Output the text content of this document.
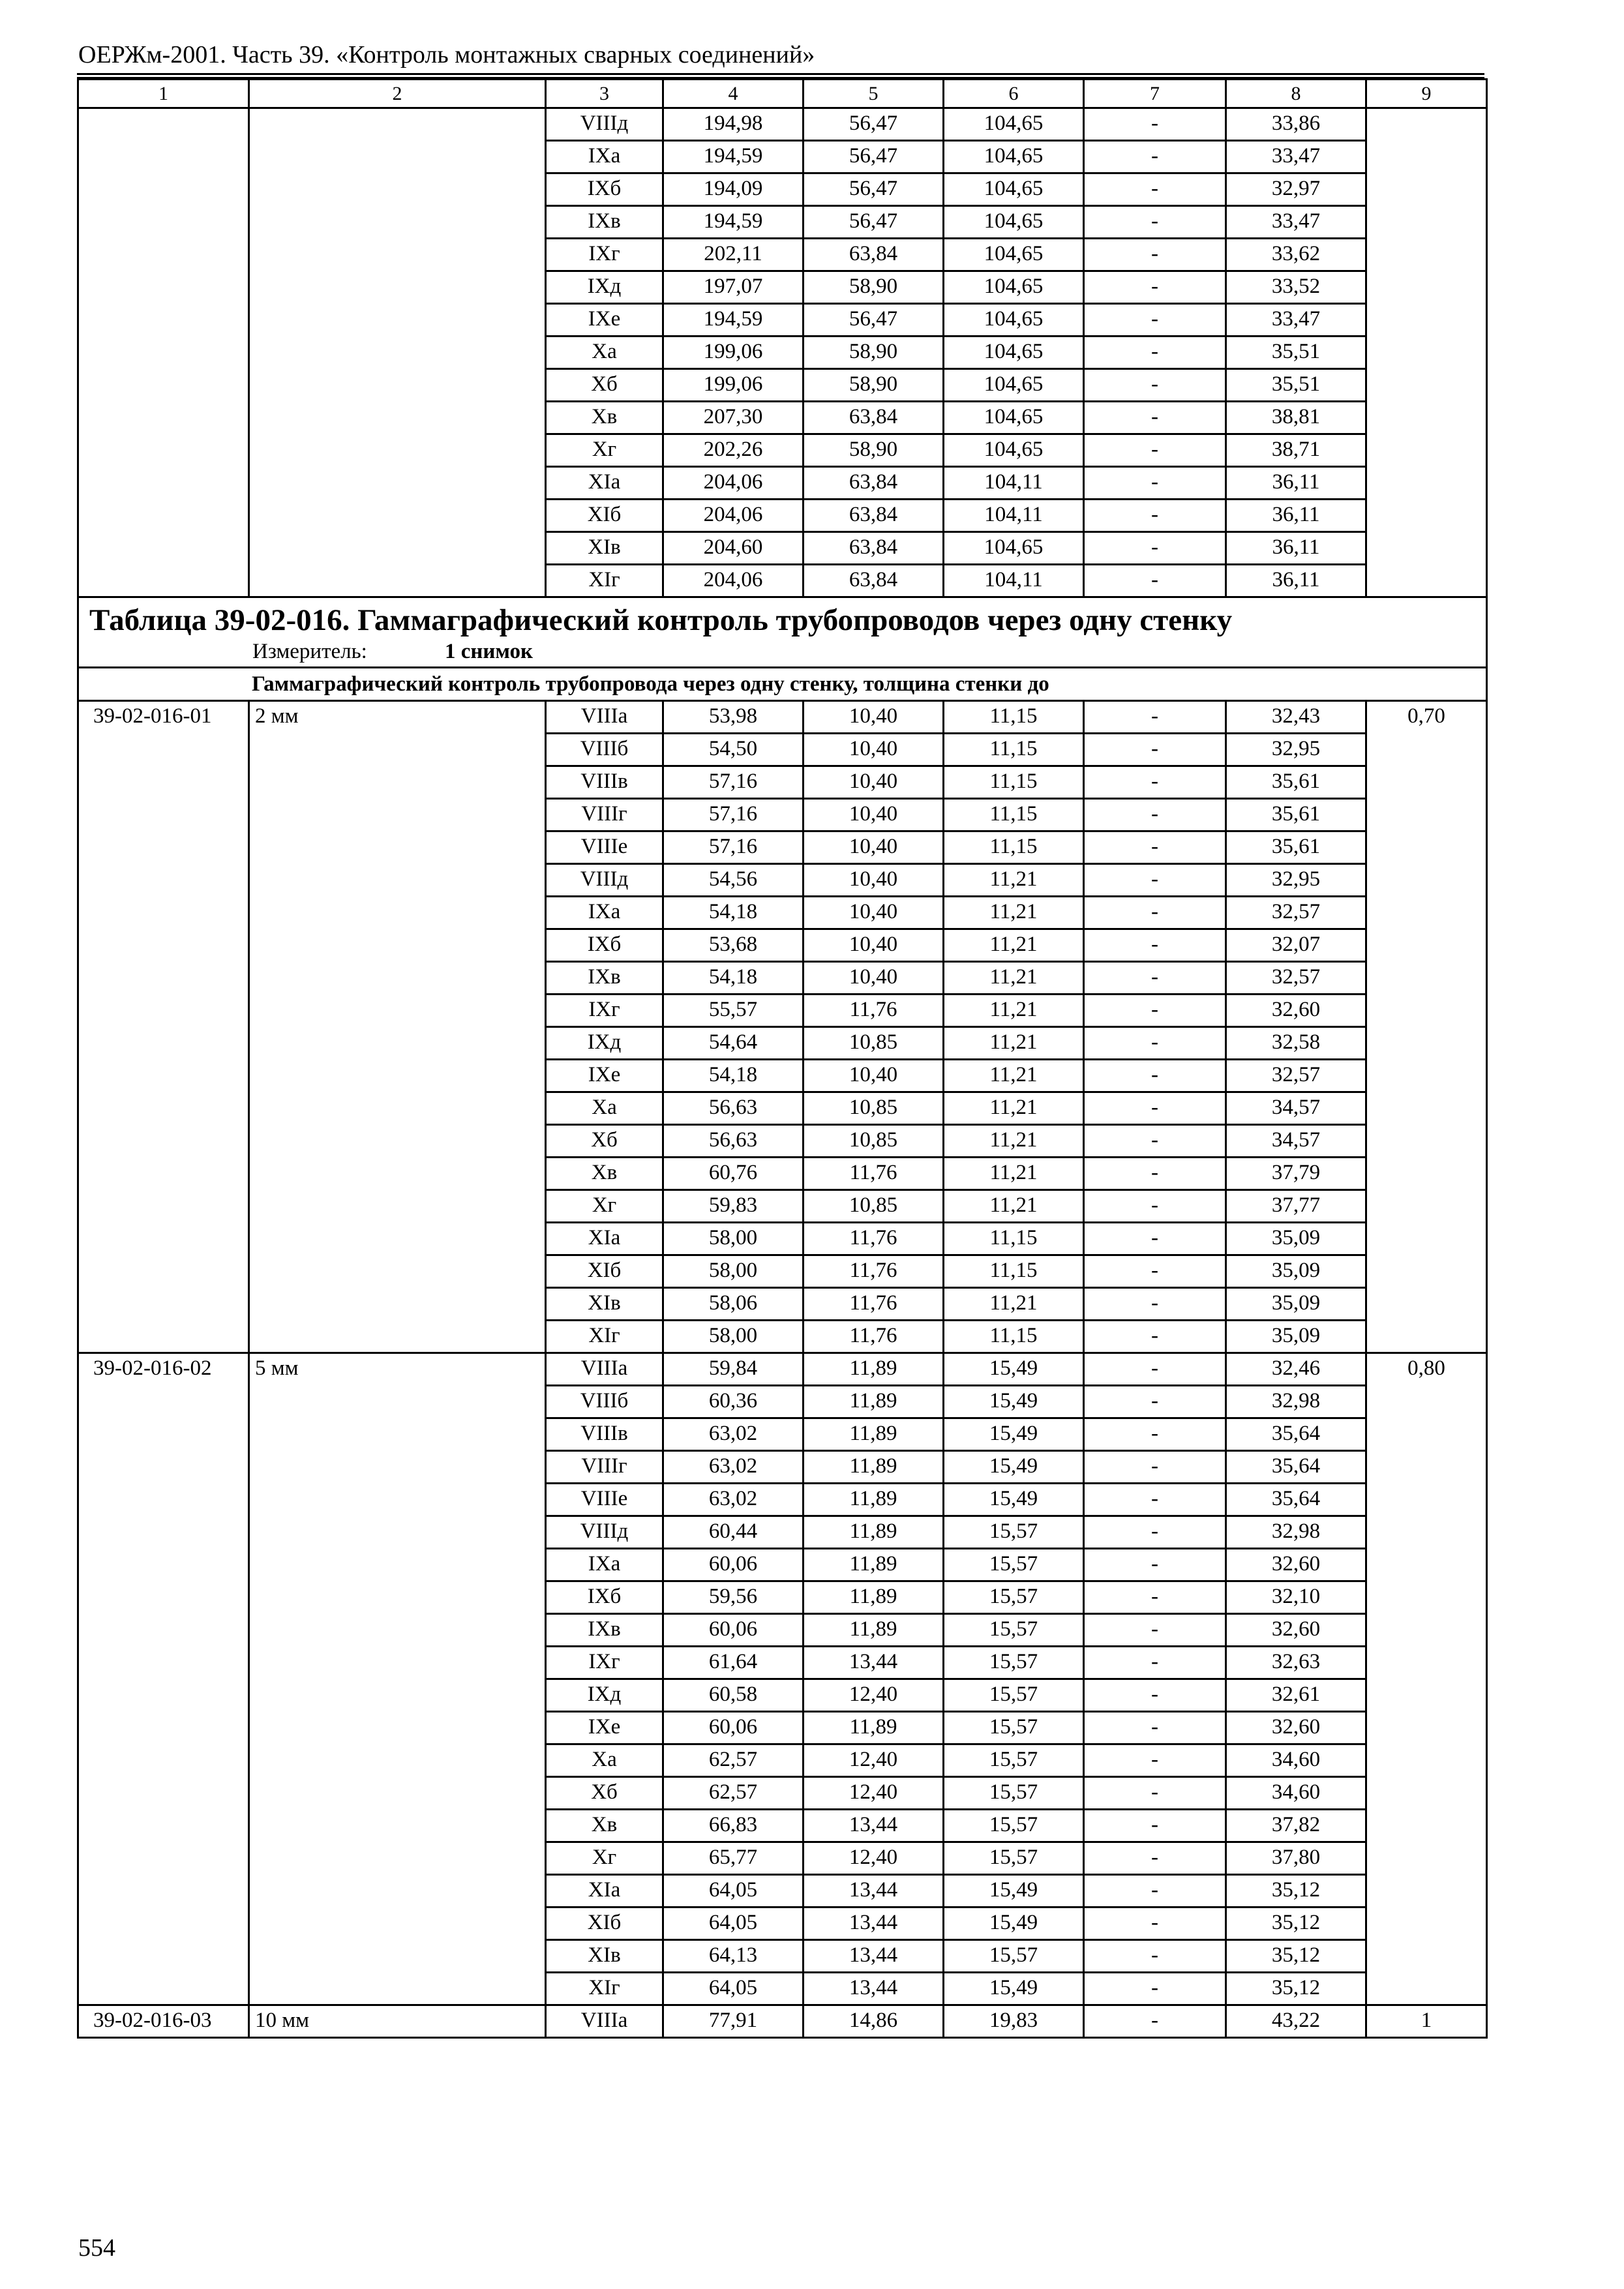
ОЕРЖм-2001. Часть 39. «Контроль монтажных сварных соединений»
1	2	3	4	5	6	7	8	9
		VIIIд	194,98	56,47	104,65	-	33,86	
		IXа	194,59	56,47	104,65	-	33,47	
		IXб	194,09	56,47	104,65	-	32,97	
		IXв	194,59	56,47	104,65	-	33,47	
		IXг	202,11	63,84	104,65	-	33,62	
		IXд	197,07	58,90	104,65	-	33,52	
		IXе	194,59	56,47	104,65	-	33,47	
		Xа	199,06	58,90	104,65	-	35,51	
		Xб	199,06	58,90	104,65	-	35,51	
		Xв	207,30	63,84	104,65	-	38,81	
		Xг	202,26	58,90	104,65	-	38,71	
		XIа	204,06	63,84	104,11	-	36,11	
		XIб	204,06	63,84	104,11	-	36,11	
		XIв	204,60	63,84	104,65	-	36,11	
		XIг	204,06	63,84	104,11	-	36,11	

Таблица 39-02-016. Гаммаграфический контроль трубопроводов через одну стенку
Измеритель: 1 снимок								

Гаммаграфический контроль трубопровода через одну стенку, толщина стенки до								
39-02-016-01	2 мм	VIIIа	53,98	10,40	11,15	-	32,43	0,70
		VIIIб	54,50	10,40	11,15	-	32,95	
		VIIIв	57,16	10,40	11,15	-	35,61	
		VIIIг	57,16	10,40	11,15	-	35,61	
		VIIIе	57,16	10,40	11,15	-	35,61	
		VIIIд	54,56	10,40	11,21	-	32,95	
		IXа	54,18	10,40	11,21	-	32,57	
		IXб	53,68	10,40	11,21	-	32,07	
		IXв	54,18	10,40	11,21	-	32,57	
		IXг	55,57	11,76	11,21	-	32,60	
		IXд	54,64	10,85	11,21	-	32,58	
		IXе	54,18	10,40	11,21	-	32,57	
		Xа	56,63	10,85	11,21	-	34,57	
		Xб	56,63	10,85	11,21	-	34,57	
		Xв	60,76	11,76	11,21	-	37,79	
		Xг	59,83	10,85	11,21	-	37,77	
		XIа	58,00	11,76	11,15	-	35,09	
		XIб	58,00	11,76	11,15	-	35,09	
		XIв	58,06	11,76	11,21	-	35,09	
		XIг	58,00	11,76	11,15	-	35,09	
39-02-016-02	5 мм	VIIIа	59,84	11,89	15,49	-	32,46	0,80
		VIIIб	60,36	11,89	15,49	-	32,98	
		VIIIв	63,02	11,89	15,49	-	35,64	
		VIIIг	63,02	11,89	15,49	-	35,64	
		VIIIе	63,02	11,89	15,49	-	35,64	
		VIIIд	60,44	11,89	15,57	-	32,98	
		IXа	60,06	11,89	15,57	-	32,60	
		IXб	59,56	11,89	15,57	-	32,10	
		IXв	60,06	11,89	15,57	-	32,60	
		IXг	61,64	13,44	15,57	-	32,63	
		IXд	60,58	12,40	15,57	-	32,61	
		IXе	60,06	11,89	15,57	-	32,60	
		Xа	62,57	12,40	15,57	-	34,60	
		Xб	62,57	12,40	15,57	-	34,60	
		Xв	66,83	13,44	15,57	-	37,82	
		Xг	65,77	12,40	15,57	-	37,80	
		XIа	64,05	13,44	15,49	-	35,12	
		XIб	64,05	13,44	15,49	-	35,12	
		XIв	64,13	13,44	15,57	-	35,12	
		XIг	64,05	13,44	15,49	-	35,12	
39-02-016-03	10 мм	VIIIа	77,91	14,86	19,83	-	43,22	1
554
